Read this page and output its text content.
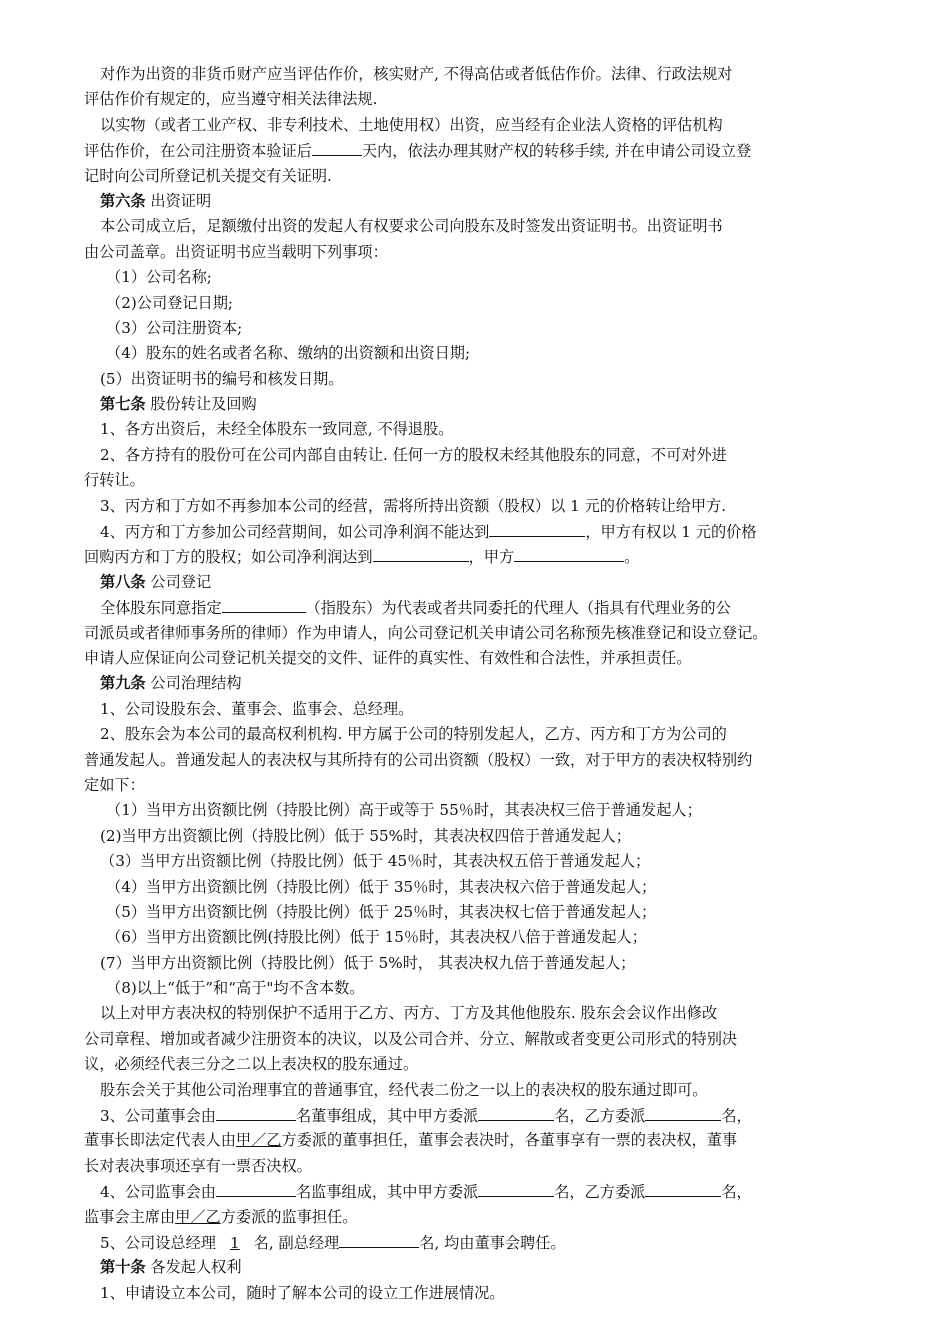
对作为出资的非货币财产应当评估作价，核实财产, 不得高估或者低估作价。法律、行政法规对
评估作价有规定的，应当遵守相关法律法规.
以实物（或者工业产权、非专利技术、土地使用权）出资，应当经有企业法人资格的评估机构
评估作价，在公司注册资本验证后	天内，依法办理其财产权的转移手续, 并在申请公司设立登
记时向公司所登记机关提交有关证明.
第六条 出资证明
本公司成立后，足额缴付出资的发起人有权要求公司向股东及时签发出资证明书。出资证明书
由公司盖章。出资证明书应当载明下列事项：
（1）公司名称;
（2)公司登记日期;
（3）公司注册资本;
（4）股东的姓名或者名称、缴纳的出资额和出资日期;
(5）出资证明书的编号和核发日期。
第七条 股份转让及回购
1、各方出资后，未经全体股东一致同意, 不得退股。
2、各方持有的股份可在公司内部自由转让. 任何一方的股权未经其他股东的同意，不可对外进
行转让。
3、丙方和丁方如不再参加本公司的经营，需将所持出资额（股权）以 1 元的价格转让给甲方.
4、丙方和丁方参加公司经营期间，如公司净利润不能达到	，甲方有权以 1 元的价格
回购丙方和丁方的股权；如公司净利润达到	，甲方	。
第八条 公司登记
全体股东同意指定	（指股东）为代表或者共同委托的代理人（指具有代理业务的公
司派员或者律师事务所的律师）作为申请人，向公司登记机关申请公司名称预先核准登记和设立登记。
申请人应保证向公司登记机关提交的文件、证件的真实性、有效性和合法性，并承担责任。
第九条 公司治理结构
1、公司设股东会、董事会、监事会、总经理。
2、股东会为本公司的最高权利机构. 甲方属于公司的特别发起人，乙方、丙方和丁方为公司的
普通发起人。普通发起人的表决权与其所持有的公司出资额（股权）一致，对于甲方的表决权特别约
定如下：
（1）当甲方出资额比例（持股比例）高于或等于 55％时，其表决权三倍于普通发起人；
(2)当甲方出资额比例（持股比例）低于 55%时，其表决权四倍于普通发起人；
（3）当甲方出资额比例（持股比例）低于 45％时，其表决权五倍于普通发起人；
（4）当甲方出资额比例（持股比例）低于 35％时，其表决权六倍于普通发起人；
（5）当甲方出资额比例（持股比例）低于 25％时，其表决权七倍于普通发起人；
（6）当甲方出资额比例(持股比例）低于 15％时，其表决权八倍于普通发起人；
(7）当甲方出资额比例（持股比例）低于 5%时， 其表决权九倍于普通发起人；
（8)以上“低于”和“高于"均不含本数。
以上对甲方表决权的特别保护不适用于乙方、丙方、丁方及其他他股东. 股东会会议作出修改
公司章程、增加或者减少注册资本的决议，以及公司合并、分立、解散或者变更公司形式的特别决
议，必须经代表三分之二以上表决权的股东通过。
股东会关于其他公司治理事宜的普通事宜，经代表二份之一以上的表决权的股东通过即可。
3、公司董事会由	名董事组成，其中甲方委派	名，乙方委派	名，
董事长即法定代表人由甲／乙方委派的董事担任，董事会表决时，各董事享有一票的表决权，董事
长对表决事项还享有一票否决权。
4、公司监事会由	名监事组成，其中甲方委派	名，乙方委派	名，
监事会主席由甲／乙方委派的监事担任。
5、公司设总经理 1 名, 副总经理	名, 均由董事会聘任。
第十条 各发起人权利
1、申请设立本公司，随时了解本公司的设立工作进展情况。
